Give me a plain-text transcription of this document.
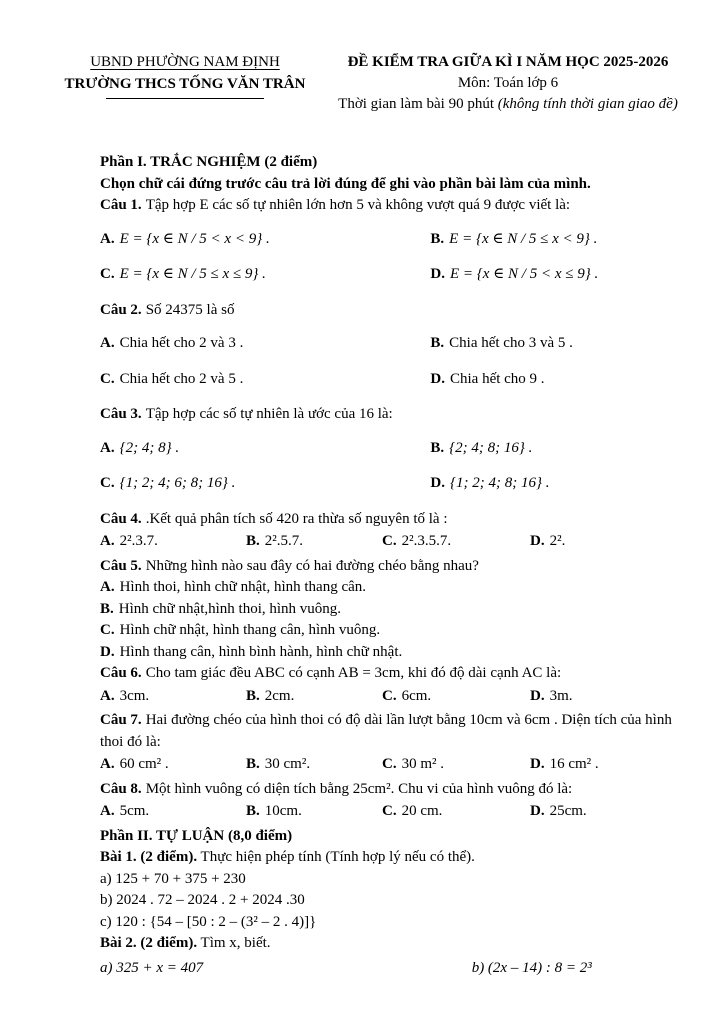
UBND PHƯỜNG NAM ĐỊNH

TRƯỜNG THCS TỐNG VĂN TRÂN

ĐỀ KIỂM TRA GIỮA KÌ I NĂM HỌC 2025-2026

Môn: Toán lớp 6

Thời gian làm bài 90 phút (không tính thời gian giao đề)

Phần I. TRẮC NGHIỆM (2 điểm)

Chọn chữ cái đứng trước câu trả lời đúng để ghi vào phần bài làm của mình.

Câu 1. Tập hợp E các số tự nhiên lớn hơn 5 và không vượt quá 9 được viết là:

A. E = {x ∈ N / 5 < x < 9} .	B. E = {x ∈ N / 5 ≤ x < 9} .

C. E = {x ∈ N / 5 ≤ x ≤ 9} .	D. E = {x ∈ N / 5 < x ≤ 9} .

Câu 2. Số 24375 là số

A. Chia hết cho 2 và 3 .	B. Chia hết cho 3 và 5 .

C. Chia hết cho 2 và 5 .	D. Chia hết cho 9 .

Câu 3. Tập hợp các số tự nhiên là ước của 16 là:

A. {2; 4; 8} .	B. {2; 4; 8; 16} .

C. {1; 2; 4; 6; 8; 16} .	D. {1; 2; 4; 8; 16} .

Câu 4. .Kết quả phân tích số 420 ra thừa số nguyên tố là :

A. 2².3.7.	B. 2².5.7.	C. 2².3.5.7.	D. 2².

Câu 5. Những hình nào sau đây có hai đường chéo bằng nhau?

A. Hình thoi, hình chữ nhật, hình thang cân.

B. Hình chữ nhật,hình thoi, hình vuông.

C. Hình chữ nhật, hình thang cân, hình vuông.

D. Hình thang cân, hình bình hành, hình chữ nhật.

Câu 6. Cho tam giác đều ABC có cạnh AB = 3cm, khi đó độ dài cạnh AC là:

A. 3cm.	B. 2cm.	C. 6cm.	D. 3m.

Câu 7. Hai đường chéo của hình thoi có độ dài lần lượt bằng 10cm và 6cm . Diện tích của hình thoi đó là:

A. 60 cm² .	B. 30 cm².	C. 30 m² .	D. 16 cm² .

Câu 8. Một hình vuông có diện tích bằng 25cm². Chu vi của hình vuông đó là:

A. 5cm.	B. 10cm.	C. 20 cm.	D. 25cm.

Phần II. TỰ LUẬN (8,0 điểm)

Bài 1. (2 điểm). Thực hiện phép tính (Tính hợp lý nếu có thể).

a) 125 + 70 + 375 + 230

b) 2024 . 72 – 2024 . 2 + 2024 .30

c) 120 : {54 – [50 : 2 – (3² – 2 . 4)]}

Bài 2. (2 điểm). Tìm x, biết.

a) 325 + x = 407	b) (2x – 14) : 8 = 2³
